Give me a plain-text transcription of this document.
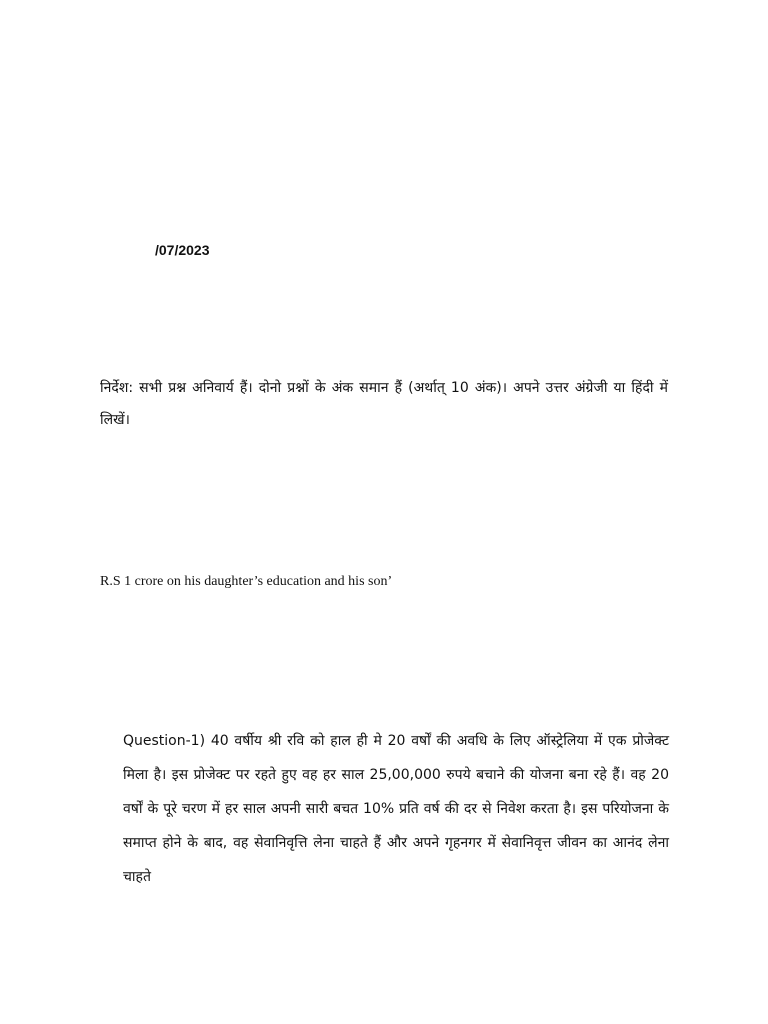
/07/2023
निर्देश: सभी प्रश्न अनिवार्य हैं। दोनो प्रश्नों के अंक समान हैं (अर्थात् 10 अंक)। अपने उत्तर अंग्रेजी या हिंदी में लिखें।
R.S 1 crore on his daughter’s education and his son’
Question-1) 40 वर्षीय श्री रवि को हाल ही मे 20 वर्षों की अवधि के लिए ऑस्ट्रेलिया में एक प्रोजेक्ट मिला है। इस प्रोजेक्ट पर रहते हुए वह हर साल 25,00,000 रुपये बचाने की योजना बना रहे हैं। वह 20 वर्षों के पूरे चरण में हर साल अपनी सारी बचत 10% प्रति वर्ष की दर से निवेश करता है। इस परियोजना के समाप्त होने के बाद, वह सेवानिवृत्ति लेना चाहते हैं और अपने गृहनगर में सेवानिवृत्त जीवन का आनंद लेना चाहते
